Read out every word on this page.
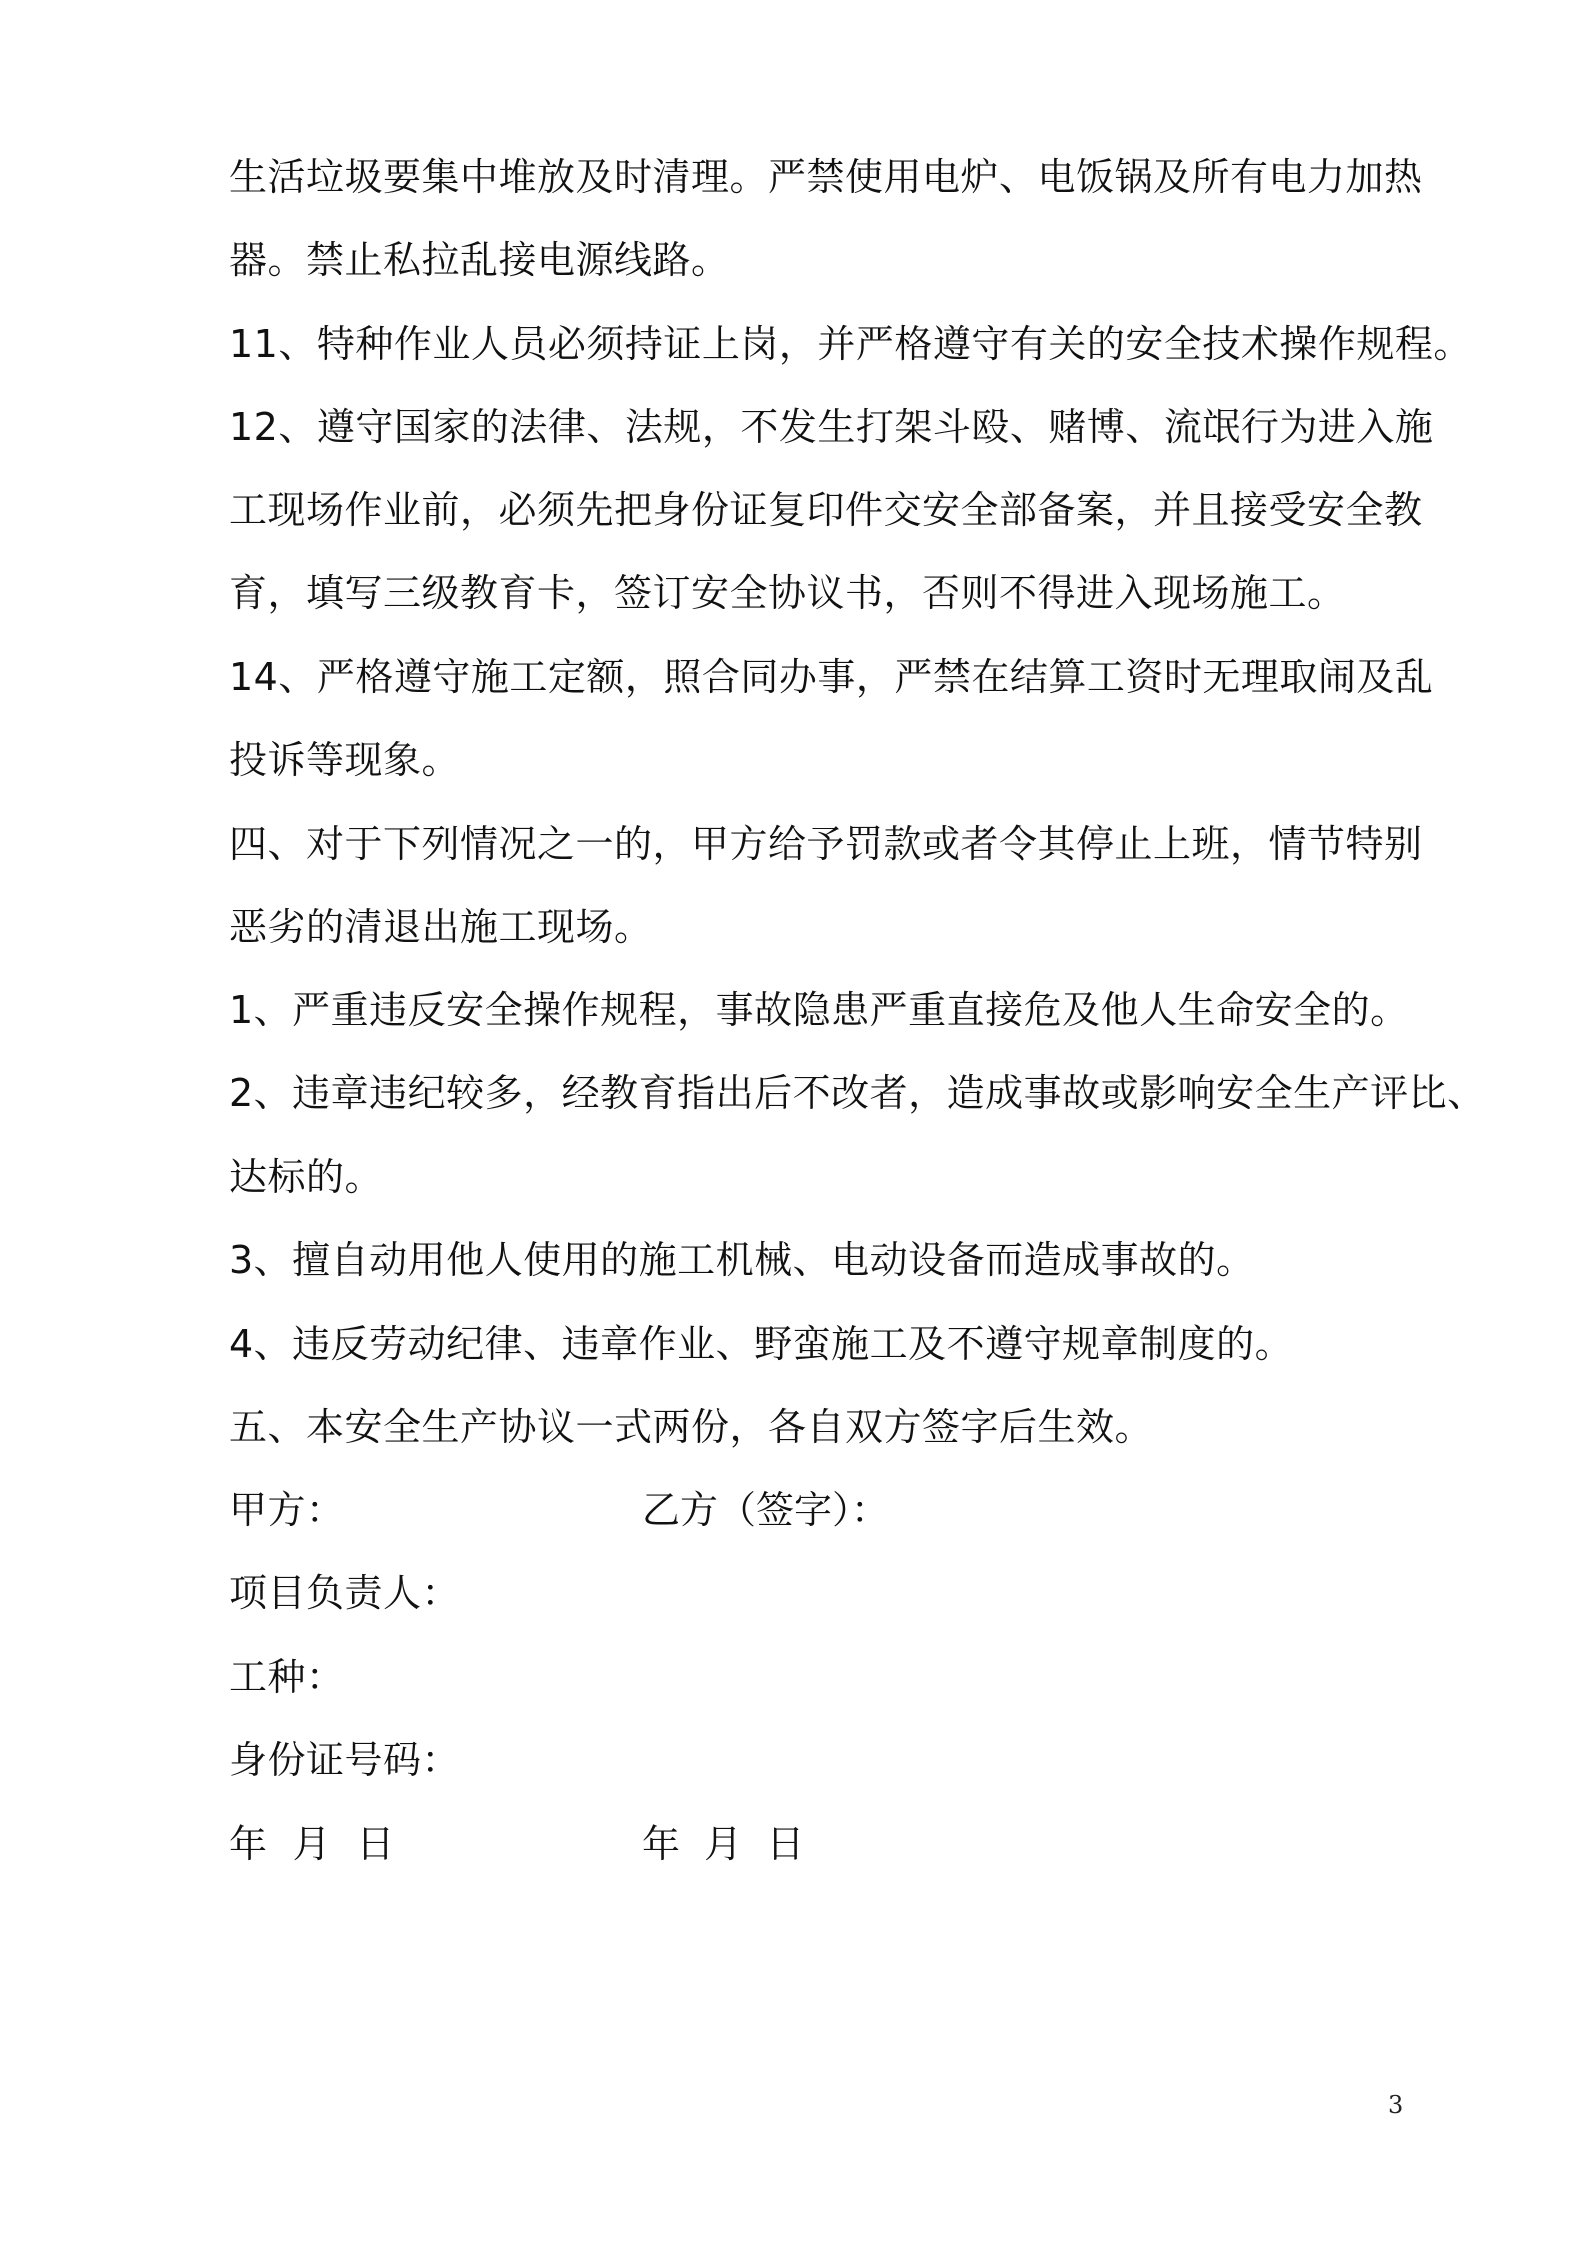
生活垃圾要集中堆放及时清理。严禁使用电炉、电饭锅及所有电力加热
器。禁止私拉乱接电源线路。
11、特种作业人员必须持证上岗，并严格遵守有关的安全技术操作规程。
12、遵守国家的法律、法规，不发生打架斗殴、赌博、流氓行为进入施
工现场作业前，必须先把身份证复印件交安全部备案，并且接受安全教
育，填写三级教育卡，签订安全协议书，否则不得进入现场施工。
14、严格遵守施工定额，照合同办事，严禁在结算工资时无理取闹及乱
投诉等现象。
四、对于下列情况之一的，甲方给予罚款或者令其停止上班，情节特别
恶劣的清退出施工现场。
1、严重违反安全操作规程，事故隐患严重直接危及他人生命安全的。
2、违章违纪较多，经教育指出后不改者，造成事故或影响安全生产评比、
达标的。
3、擅自动用他人使用的施工机械、电动设备而造成事故的。
4、违反劳动纪律、违章作业、野蛮施工及不遵守规章制度的。
五、本安全生产协议一式两份，各自双方签字后生效。
甲方：	乙方（签字）：
项目负责人：
工种：
身份证号码：
年  月  日	年  月  日
3
